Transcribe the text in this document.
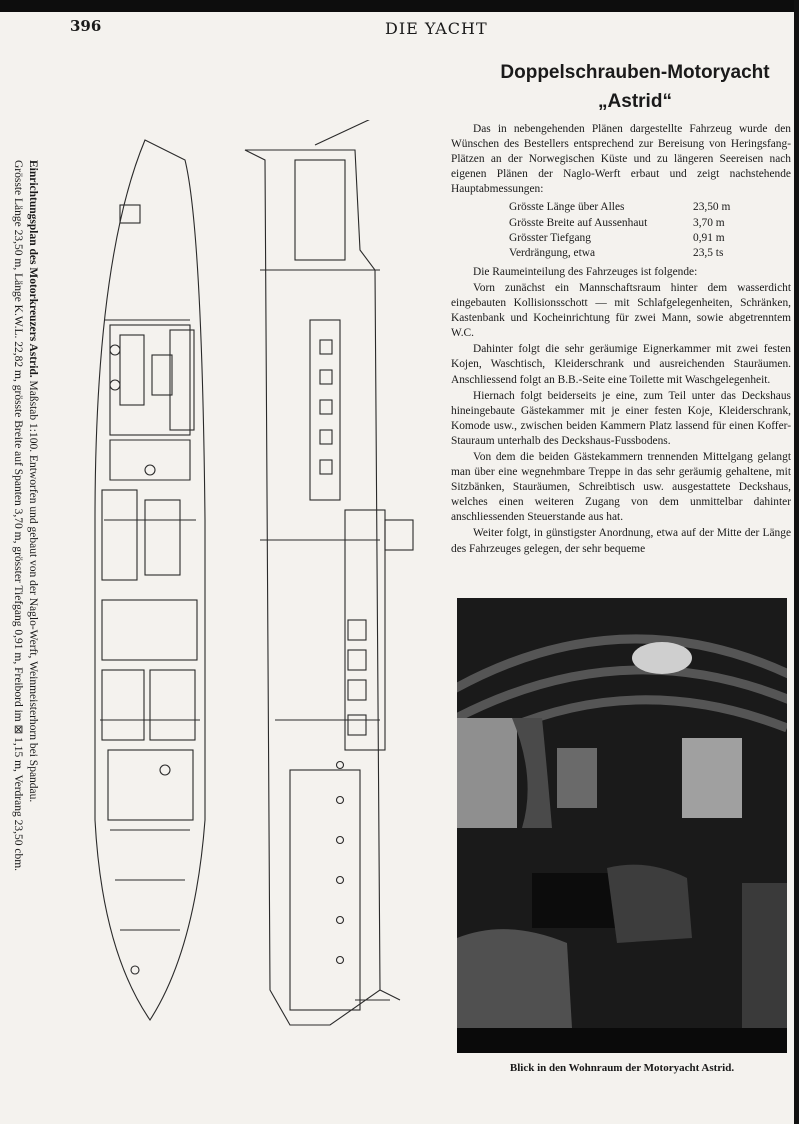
396	DIE YACHT
Einrichtungsplan des Motorkreuzers Astrid. Maßstab 1:100. Entworfen und gebaut von der Naglo-Werft, Weinmeisterhorn bei Spandau.
Grösste Länge 23,50 m, Länge K.W.L. 22,82 m, grösste Breite auf Spanten 3,70 m, grösster Tiefgang 0,91 m, Freibord im ⊠ 1,15 m, Verdrang 23,50 cbm.
Doppelschrauben-Motoryacht
„Astrid“

Das in nebengehenden Plänen dargestellte Fahrzeug wurde den Wünschen des Bestellers entsprechend zur Bereisung von Heringsfang-Plätzen an der Norwegischen Küste und zu längeren Seereisen nach eigenen Plänen der Naglo-Werft erbaut und zeigt nachstehende Hauptabmessungen:

Grösste Länge über Alles	23,50 m
Grösste Breite auf Aussenhaut	3,70 m
Grösster Tiefgang	0,91 m
Verdrängung, etwa	23,5 ts

Die Raumeinteilung des Fahrzeuges ist folgende:

Vorn zunächst ein Mannschaftsraum hinter dem wasserdicht eingebauten Kollisionsschott — mit Schlafgelegenheiten, Schränken, Kastenbank und Kocheinrichtung für zwei Mann, sowie abgetrenntem W.C.

Dahinter folgt die sehr geräumige Eignerkammer mit zwei festen Kojen, Waschtisch, Kleiderschrank und ausreichenden Stauräumen. Anschliessend folgt an B.B.-Seite eine Toilette mit Waschgelegenheit.

Hiernach folgt beiderseits je eine, zum Teil unter das Deckshaus hineingebaute Gästekammer mit je einer festen Koje, Kleiderschrank, Komode usw., zwischen beiden Kammern Platz lassend für einen Koffer-Stauraum unterhalb des Deckshaus-Fussbodens.

Von dem die beiden Gästekammern trennenden Mittelgang gelangt man über eine wegnehmbare Treppe in das sehr geräumig gehaltene, mit Sitzbänken, Stauräumen, Schreibtisch usw. ausgestattete Deckshaus, welches einen weiteren Zugang von dem unmittelbar dahinter anschliessenden Steuerstande aus hat.

Weiter folgt, in günstigster Anordnung, etwa auf der Mitte der Länge des Fahrzeuges gelegen, der sehr bequeme

Blick in den Wohnraum der Motoryacht Astrid.
